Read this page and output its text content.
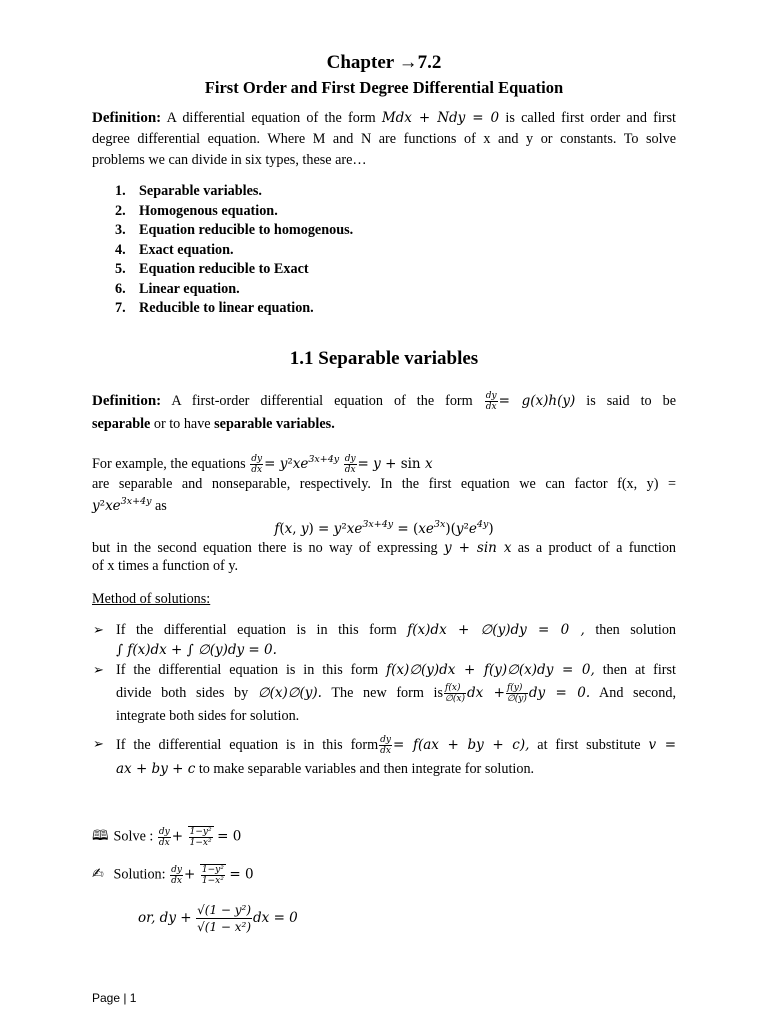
Chapter →7.2
First Order and First Degree Differential Equation
Definition: A differential equation of the form Mdx + Ndy = 0 is called first order and first
degree differential equation. Where M and N are functions of x and y or constants. To solve
problems we can divide in six types, these are…
1. Separable variables.
2. Homogenous equation.
3. Equation reducible to homogenous.
4. Exact equation.
5. Equation reducible to Exact
6. Linear equation.
7. Reducible to linear equation.
1.1 Separable variables
Definition: A first-order differential equation of the form $\frac{dy}{dx} = g(x)h(y)$ is said to be
separable or to have separable variables.
For example, the equations $\frac{dy}{dx} = y^2xe^{3x+4y} \frac{dy}{dx} = y + \sin x$
are separable and nonseparable, respectively. In the first equation we can factor f(x, y) =
$y^2xe^{3x+4y}$ as
f(x, $y) = y^2xe^{3x+4y} = (xe^{3x})(y^2e^{4y})$
but in the second equation there is no way of expressing y + sin x as a product of a function
of x times a function of y.
Method of solutions:
➢ If the differential equation is in this form f(x)dx + ∅(y)dy = 0 , then solution
∫ f(x)dx + ∫ ∅(y)dy = 0.
➢ If the differential equation is in this form f(x)∅(y)dx + f(y)∅(x)dy = 0, then at first
divide both sides by ∅(x)∅(y). The new form is $\frac{f(x)}{\emptyset(x)}$ dx + $\frac{f(y)}{\emptyset(y)}$ dy = 0. And second,
integrate both sides for solution.
➢ If the differential equation is in this form $\frac{dy}{dx} = f(ax$ + by + c), at first substitute v =
ax + by + c to make separable variables and then integrate for solution.
🕮 Solve : $\frac{dy}{dx} + \frac{\text{1−y²}}{\text{1−x²}} = 0$
✍ Solution: $\frac{dy}{dx} + \frac{\text{1−y²}}{\text{1−x²}} = 0$
or, dy + $\frac{\text{√(1 − y²)}}{\text{√(1 − x²)}}$ dx = 0
Page | 1
